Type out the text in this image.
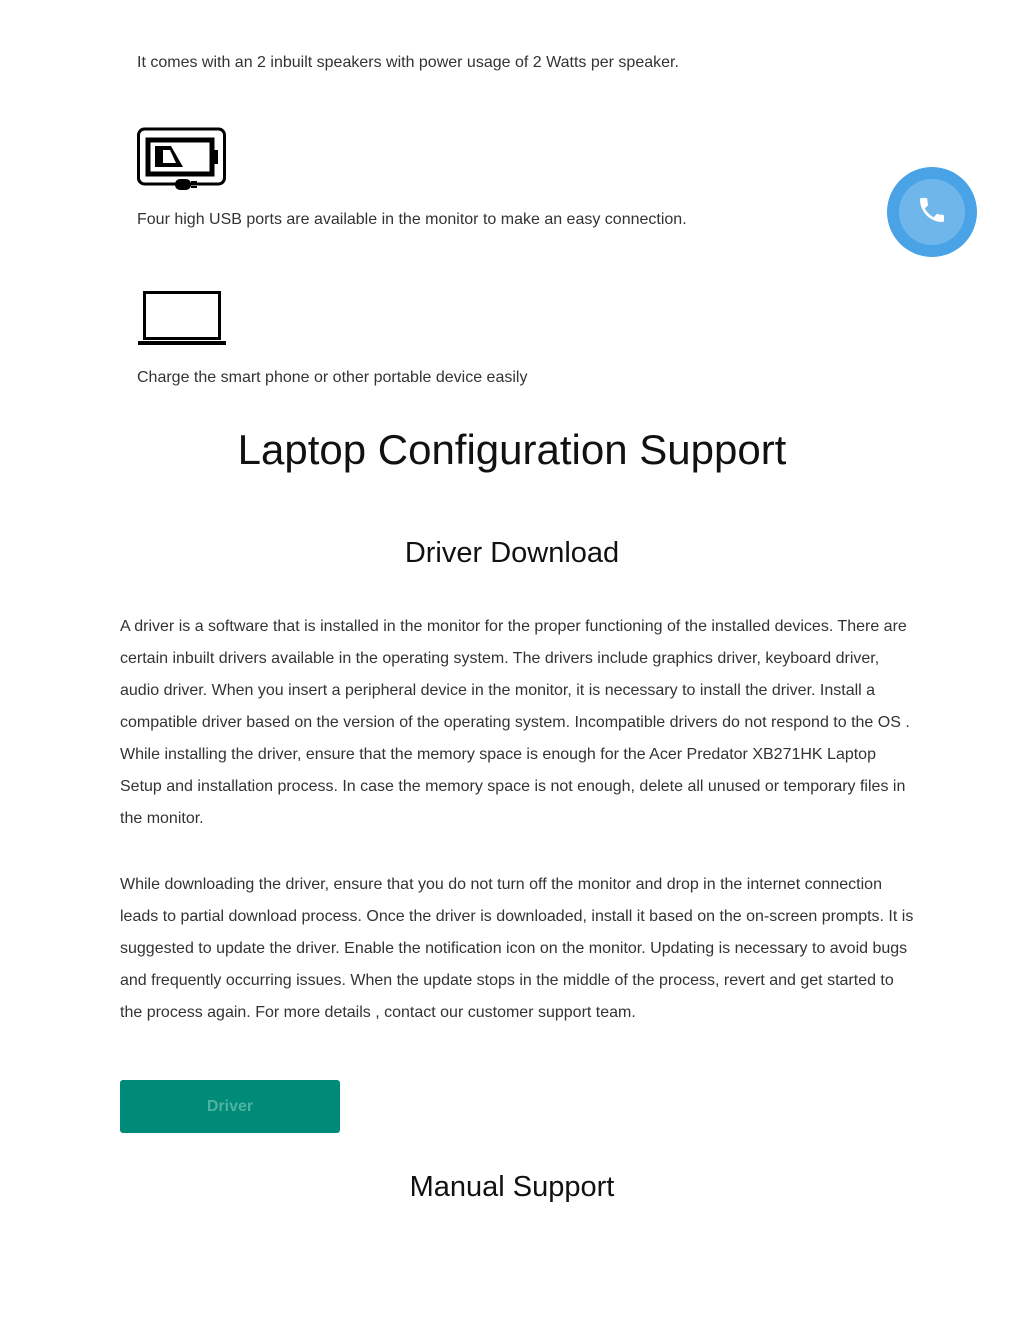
It comes with an 2 inbuilt speakers with power usage of 2 Watts per speaker.

Four high USB ports are available in the monitor to make an easy connection.

Charge the smart phone or other portable device easily

Laptop Configuration Support
Driver Download

A driver is a software that is installed in the monitor for the proper functioning of the installed devices. There are certain inbuilt drivers available in the operating system. The drivers include graphics driver, keyboard driver, audio driver. When you insert a peripheral device in the monitor, it is necessary to install the driver. Install a compatible driver based on the version of the operating system. Incompatible drivers do not respond to the OS . While installing the driver, ensure that the memory space is enough for the Acer Predator XB271HK Laptop Setup and installation process. In case the memory space is not enough, delete all unused or temporary files in the monitor.

While downloading the driver, ensure that you do not turn off the monitor and drop in the internet connection leads to partial download process. Once the driver is downloaded, install it based on the on-screen prompts. It is suggested to update the driver. Enable the notification icon on the monitor. Updating is necessary to avoid bugs and frequently occurring issues. When the update stops in the middle of the process, revert and get started to the process again. For more details , contact our customer support team.

Driver
Manual Support
